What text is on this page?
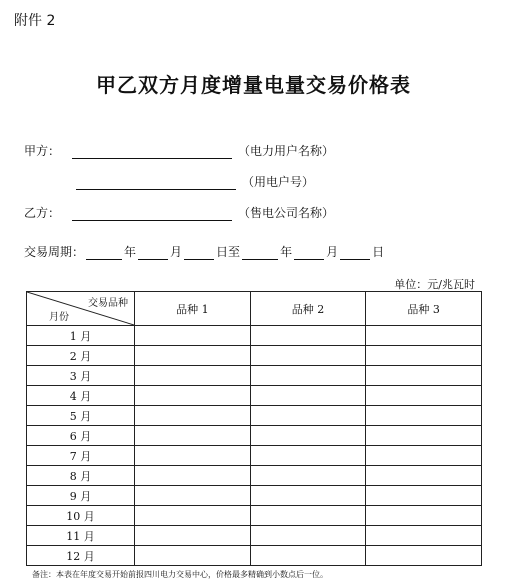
附件 2
甲乙双方月度增量电量交易价格表
甲方：	（电力用户名称）
（用电户号）
乙方：	（售电公司名称）
交易周期：	年	月	日至	年	月	日
单位：元/兆瓦时
交易品种
月份	品种 1	品种 2	品种 3
1 月			
2 月			
3 月			
4 月			
5 月			
6 月			
7 月			
8 月			
9 月			
10 月			
11 月			
12 月			
备注：本表在年度交易开始前报四川电力交易中心，价格最多精确到小数点后一位。
